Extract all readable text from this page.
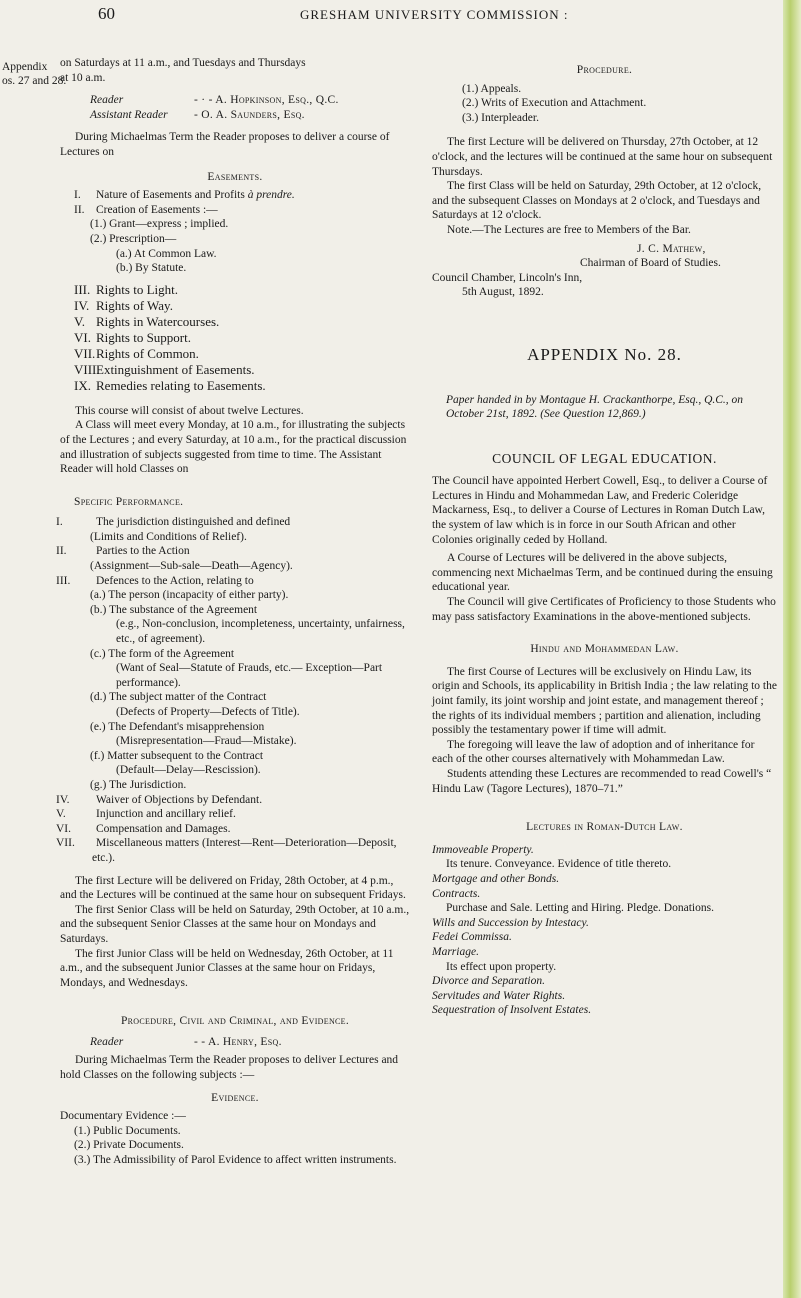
60	GRESHAM UNIVERSITY COMMISSION :
Appendix
os. 27 and 28.

on Saturdays at 11 a.m., and Tuesdays and Thursdays

at 10 a.m.

Reader	- · - A. Hopkinson, Esq., Q.C.

Assistant Reader - O. A. Saunders, Esq.

During Michaelmas Term the Reader proposes to deliver a course of Lectures on

Easements.

I. Nature of Easements and Profits à prendre.

II. Creation of Easements :—

(1.) Grant—express ; implied.

(2.) Prescription—

(a.) At Common Law.

(b.) By Statute.

III. Rights to Light.

IV. Rights of Way.

V. Rights in Watercourses.

VI. Rights to Support.

VII.Rights of Common.

VIII.Extinguishment of Easements.

IX. Remedies relating to Easements.

This course will consist of about twelve Lectures.

A Class will meet every Monday, at 10 a.m., for illustrating the subjects of the Lectures ; and every Saturday, at 10 a.m., for the practical discussion and illustration of subjects suggested from time to time. The Assistant Reader will hold Classes on

Specific Performance.

I.	The jurisdiction distinguished and defined

(Limits and Conditions of Relief).

II.	Parties to the Action

(Assignment—Sub-sale—Death—Agency).

III. Defences to the Action, relating to

(a.) The person (incapacity of either party).

(b.) The substance of the Agreement

(e.g., Non-conclusion, incompleteness, uncertainty, unfairness, etc., of agreement).

(c.) The form of the Agreement

(Want of Seal—Statute of Frauds, etc.— Exception—Part performance).

(d.) The subject matter of the Contract

(Defects of Property—Defects of Title).

(e.) The Defendant's misapprehension

(Misrepresentation—Fraud—Mistake).

(f.) Matter subsequent to the Contract

(Default—Delay—Rescission).

(g.) The Jurisdiction.

IV. Waiver of Objections by Defendant.

V.	Injunction and ancillary relief.

VI. Compensation and Damages.

VII. Miscellaneous matters (Interest—Rent—Deterioration—Deposit, etc.).

The first Lecture will be delivered on Friday, 28th October, at 4 p.m., and the Lectures will be continued at the same hour on subsequent Fridays.

The first Senior Class will be held on Saturday, 29th October, at 10 a.m., and the subsequent Senior Classes at the same hour on Mondays and Saturdays.

The first Junior Class will be held on Wednesday, 26th October, at 11 a.m., and the subsequent Junior Classes at the same hour on Fridays, Mondays, and Wednesdays.

Procedure, Civil and Criminal, and Evidence.

Reader	- - A. Henry, Esq.

During Michaelmas Term the Reader proposes to deliver Lectures and hold Classes on the following subjects :—

Evidence.

Documentary Evidence :—

(1.) Public Documents.

(2.) Private Documents.

(3.) The Admissibility of Parol Evidence to affect written instruments.

Procedure.

(1.) Appeals.

(2.) Writs of Execution and Attachment.

(3.) Interpleader.

The first Lecture will be delivered on Thursday, 27th October, at 12 o'clock, and the lectures will be continued at the same hour on subsequent Thursdays.

The first Class will be held on Saturday, 29th October, at 12 o'clock, and the subsequent Classes on Mondays at 2 o'clock, and Tuesdays and Saturdays at 12 o'clock.

Note.—The Lectures are free to Members of the Bar.

J. C. Mathew,

Chairman of Board of Studies.

Council Chamber, Lincoln's Inn,

5th August, 1892.

APPENDIX No. 28.

Paper handed in by Montague H. Crackanthorpe, Esq., Q.C., on October 21st, 1892. (See Question 12,869.)

COUNCIL OF LEGAL EDUCATION.

The Council have appointed Herbert Cowell, Esq., to deliver a Course of Lectures in Hindu and Mohammedan Law, and Frederic Coleridge Mackarness, Esq., to deliver a Course of Lectures in Roman Dutch Law, the system of law which is in force in our South African and other Colonies originally ceded by Holland.

A Course of Lectures will be delivered in the above subjects, commencing next Michaelmas Term, and be continued during the ensuing educational year.

The Council will give Certificates of Proficiency to those Students who may pass satisfactory Examinations in the above-mentioned subjects.

Hindu and Mohammedan Law.

The first Course of Lectures will be exclusively on Hindu Law, its origin and Schools, its applicability in British India ; the law relating to the joint family, its joint worship and joint estate, and management thereof ; the rights of its individual members ; partition and alienation, including possibly the testamentary power if time will admit.

The foregoing will leave the law of adoption and of inheritance for each of the other courses alternatively with Mohammedan Law.

Students attending these Lectures are recommended to read Cowell's “ Hindu Law (Tagore Lectures), 1870–71.”

Lectures in Roman-Dutch Law.

Immoveable Property.

Its tenure. Conveyance. Evidence of title thereto.

Mortgage and other Bonds.

Contracts.

Purchase and Sale. Letting and Hiring. Pledge. Donations.

Wills and Succession by Intestacy.

Fedei Commissa.

Marriage.

Its effect upon property.

Divorce and Separation.

Servitudes and Water Rights.

Sequestration of Insolvent Estates.
